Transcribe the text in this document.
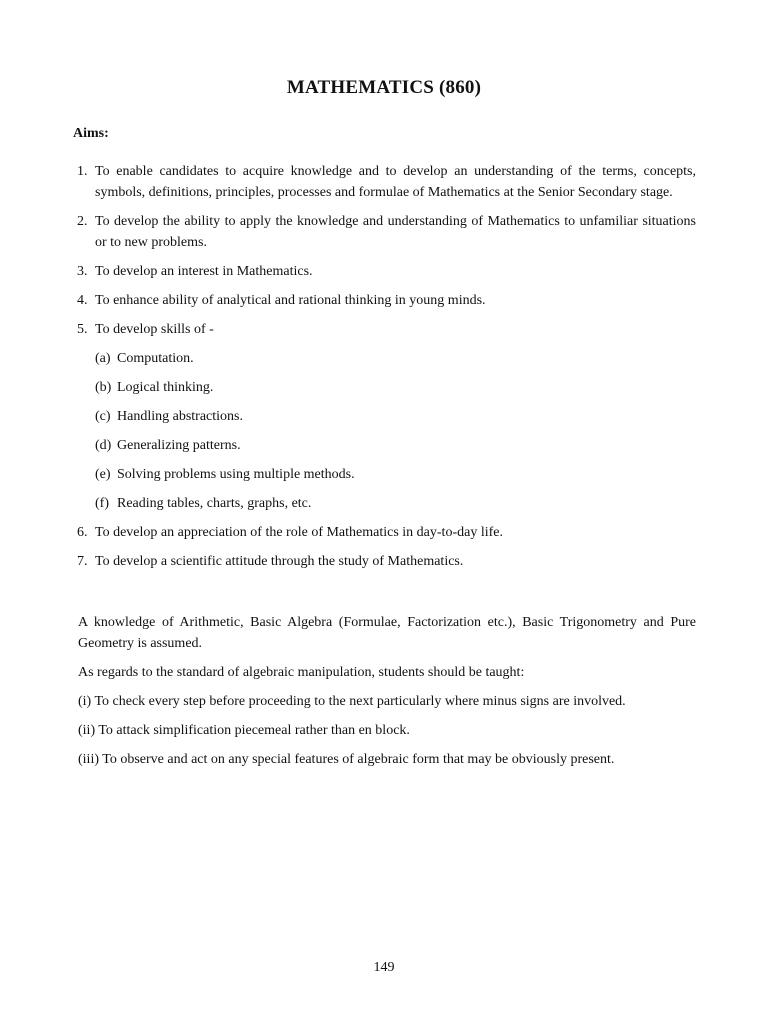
MATHEMATICS (860)
Aims:
1. To enable candidates to acquire knowledge and to develop an understanding of the terms, concepts, symbols, definitions, principles, processes and formulae of Mathematics at the Senior Secondary stage.
2. To develop the ability to apply the knowledge and understanding of Mathematics to unfamiliar situations or to new problems.
3. To develop an interest in Mathematics.
4. To enhance ability of analytical and rational thinking in young minds.
5. To develop skills of -
(a) Computation.
(b) Logical thinking.
(c) Handling abstractions.
(d) Generalizing patterns.
(e) Solving problems using multiple methods.
(f) Reading tables, charts, graphs, etc.
6. To develop an appreciation of the role of Mathematics in day-to-day life.
7. To develop a scientific attitude through the study of Mathematics.

A knowledge of Arithmetic, Basic Algebra (Formulae, Factorization etc.), Basic Trigonometry and Pure Geometry is assumed.

As regards to the standard of algebraic manipulation, students should be taught:

(i) To check every step before proceeding to the next particularly where minus signs are involved.

(ii) To attack simplification piecemeal rather than en block.

(iii) To observe and act on any special features of algebraic form that may be obviously present.

149
